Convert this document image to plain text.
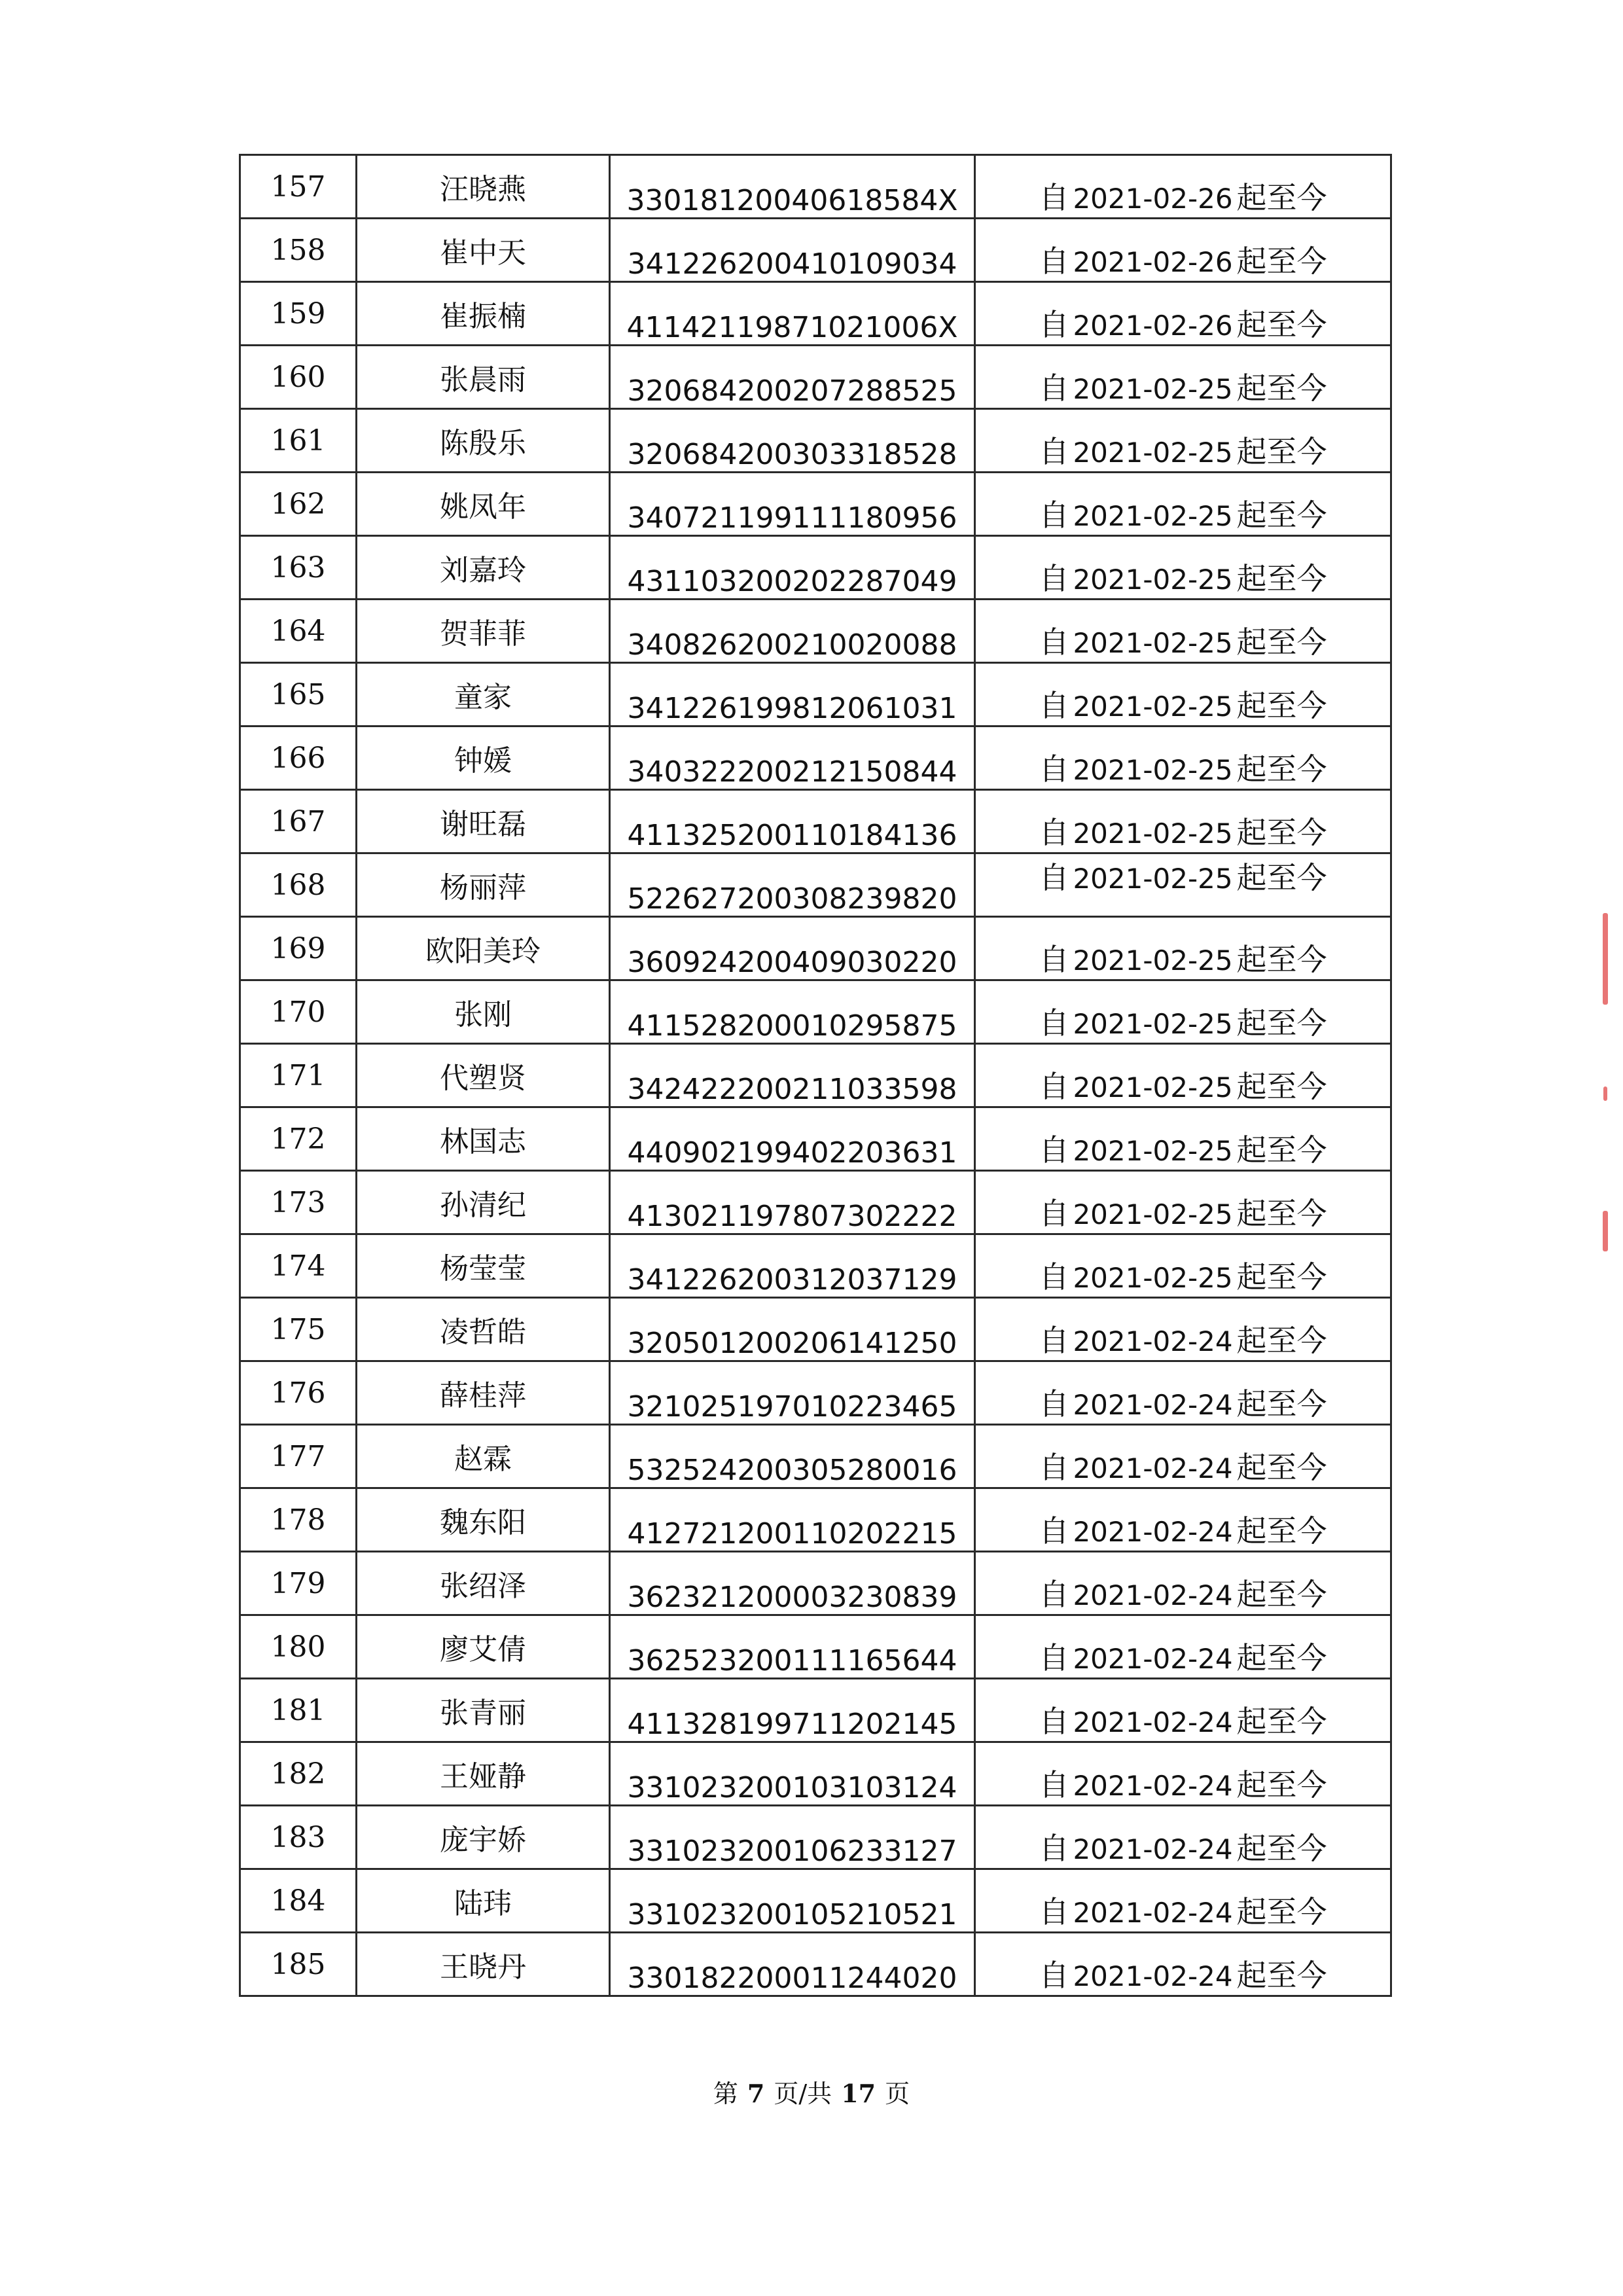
157	汪晓燕	33018120040618584X	自 2021-02-26 起至今
158	崔中天	341226200410109034	自 2021-02-26 起至今
159	崔振楠	41142119871021006X	自 2021-02-26 起至今
160	张晨雨	320684200207288525	自 2021-02-25 起至今
161	陈殷乐	320684200303318528	自 2021-02-25 起至今
162	姚凤年	340721199111180956	自 2021-02-25 起至今
163	刘嘉玲	431103200202287049	自 2021-02-25 起至今
164	贺菲菲	340826200210020088	自 2021-02-25 起至今
165	童家	341226199812061031	自 2021-02-25 起至今
166	钟媛	340322200212150844	自 2021-02-25 起至今
167	谢旺磊	411325200110184136	自 2021-02-25 起至今
168	杨丽萍	522627200308239820	自 2021-02-25 起至今
169	欧阳美玲	360924200409030220	自 2021-02-25 起至今
170	张刚	411528200010295875	自 2021-02-25 起至今
171	代塑贤	342422200211033598	自 2021-02-25 起至今
172	林国志	440902199402203631	自 2021-02-25 起至今
173	孙清纪	413021197807302222	自 2021-02-25 起至今
174	杨莹莹	341226200312037129	自 2021-02-25 起至今
175	凌哲皓	320501200206141250	自 2021-02-24 起至今
176	薛桂萍	321025197010223465	自 2021-02-24 起至今
177	赵霖	532524200305280016	自 2021-02-24 起至今
178	魏东阳	412721200110202215	自 2021-02-24 起至今
179	张绍泽	362321200003230839	自 2021-02-24 起至今
180	廖艾倩	362523200111165644	自 2021-02-24 起至今
181	张青丽	411328199711202145	自 2021-02-24 起至今
182	王娅静	331023200103103124	自 2021-02-24 起至今
183	庞宇娇	331023200106233127	自 2021-02-24 起至今
184	陆玮	331023200105210521	自 2021-02-24 起至今
185	王晓丹	330182200011244020	自 2021-02-24 起至今
第 7 页/共 17 页
